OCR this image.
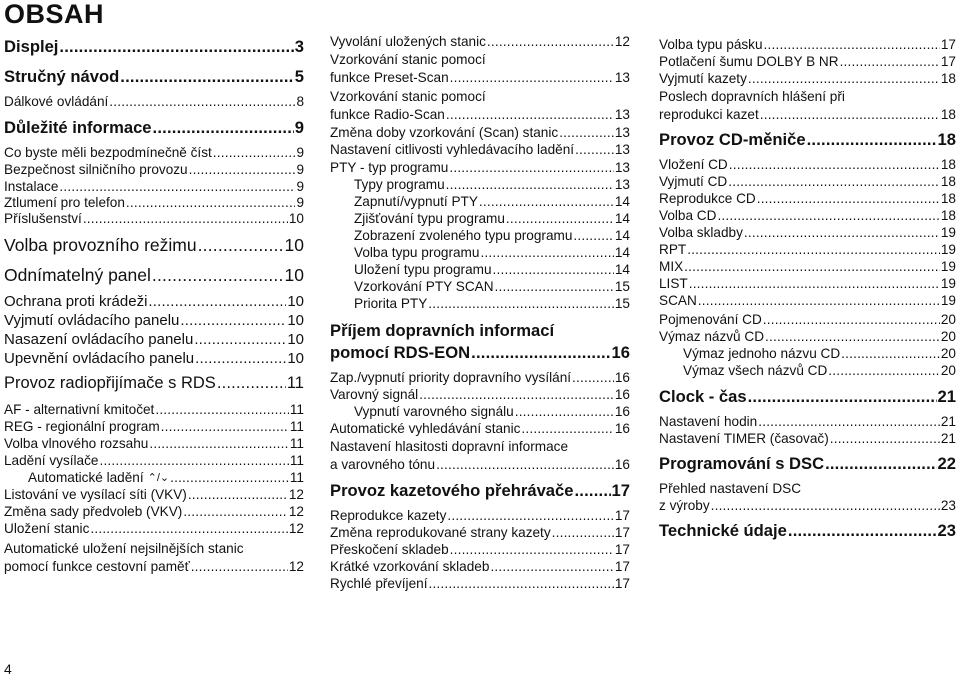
OBSAH
Displej .....	3
Stručný návod .....	5
Dálkové ovládání .....	8
Důležité informace .....	9
Co byste měli bezpodmínečně číst .....	9
Bezpečnost silničního provozu .....	9
Instalace .....	9
Ztlumení pro telefon .....	9
Příslušenství .....	10
Volba provozního režimu .....	10
Odnímatelný panel .....	10
Ochrana proti krádeži .....	10
Vyjmutí ovládacího panelu .....	10
Nasazení ovládacího panelu .....	10
Upevnění ovládacího panelu .....	10
Provoz radiopřijímače s RDS .....	11
AF - alternativní kmitočet .....	11
REG - regionální program .....	11
Volba vlnového rozsahu .....	11
Ladění vysílače .....	11
Automatické ladění ⌃/⌄ .....	11
Listování ve vysílací síti (VKV) .....	12
Změna sady předvoleb (VKV) .....	12
Uložení stanic .....	12
Automatické uložení nejsilnějších stanic
pomocí funkce cestovní paměť .....	12
Vyvolání uložených stanic .....	12
Vzorkování stanic pomocí
funkce Preset-Scan .....	13
Vzorkování stanic pomocí
funkce Radio-Scan .....	13
Změna doby vzorkování (Scan) stanic .....	13
Nastavení citlivosti vyhledávacího ladění .....	13
PTY - typ programu .....	13
Typy programu .....	13
Zapnutí/vypnutí PTY .....	14
Zjišťování typu programu .....	14
Zobrazení zvoleného typu programu .....	14
Volba typu programu .....	14
Uložení typu programu .....	14
Vzorkování PTY SCAN .....	15
Priorita PTY .....	15
Příjem dopravních informací
pomocí RDS-EON .....	16
Zap./vypnutí priority dopravního vysílání .....	16
Varovný signál .....	16
Vypnutí varovného signálu .....	16
Automatické vyhledávání stanic .....	16
Nastavení hlasitosti dopravní informace
a varovného tónu .....	16
Provoz kazetového přehrávače ..... 17
Reprodukce kazety .....	17
Změna reprodukované strany kazety .....	17
Přeskočení skladeb .....	17
Krátké vzorkování skladeb .....	17
Rychlé převíjení .....	17
Volba typu pásku .....	17
Potlačení šumu DOLBY B NR .....	17
Vyjmutí kazety .....	18
Poslech dopravních hlášení při
reprodukci kazet .....	18
Provoz CD-měniče .....	18
Vložení CD .....	18
Vyjmutí CD .....	18
Reprodukce CD .....	18
Volba CD .....	18
Volba skladby .....	19
RPT .....	19
MIX .....	19
LIST .....	19
SCAN .....	19
Pojmenování CD .....	20
Výmaz názvů CD .....	20
Výmaz jednoho názvu CD .....	20
Výmaz všech názvů CD .....	20
Clock - čas .....	21
Nastavení hodin .....	21
Nastavení TIMER (časovač) .....	21
Programování s DSC .....	22
Přehled nastavení DSC
z výroby .....	23
Technické údaje .....	23
4
